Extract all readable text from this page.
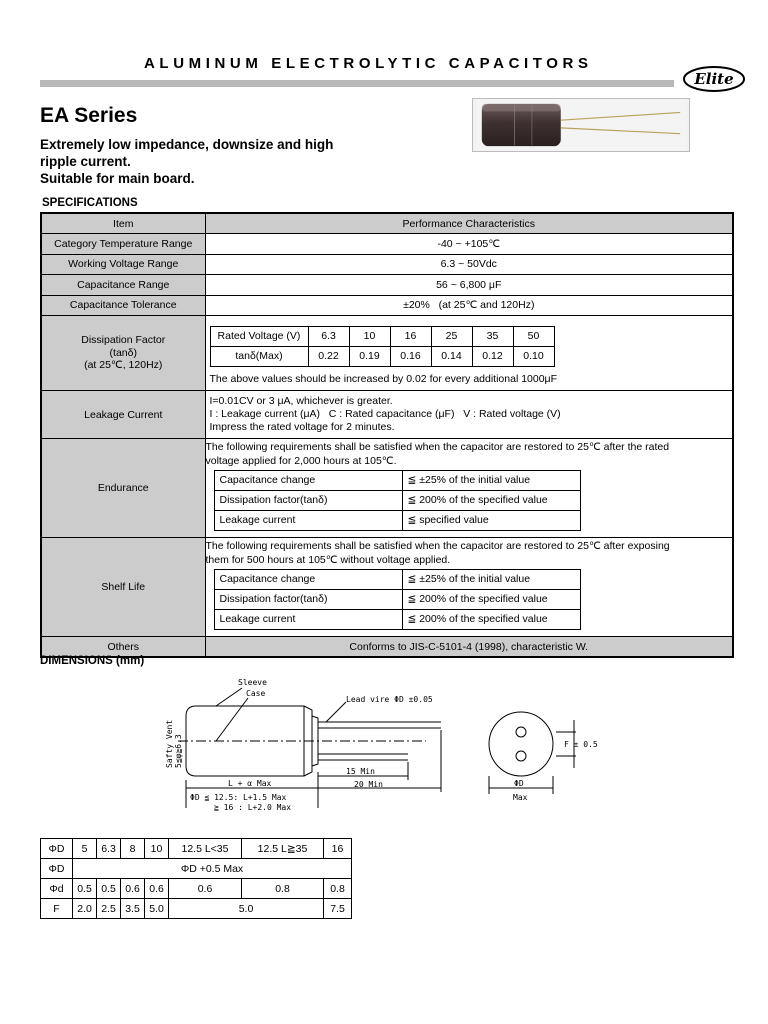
ALUMINUM ELECTROLYTIC CAPACITORS
Elite
EA Series
Extremely low impedance, downsize and high
ripple current.
Suitable for main board.
SPECIFICATIONS
Item	Performance Characteristics
Category Temperature Range	-40 ~ +105℃
Working Voltage Range	6.3 ~ 50Vdc
Capacitance Range	56 ~ 6,800 μF
Capacitance Tolerance	±20%   (at 25℃ and 120Hz)

Dissipation Factor
(tanδ)
(at 25℃, 120Hz)

Rated Voltage (V)	6.3	10	16	25	35	50
tanδ(Max)	0.22	0.19	0.16	0.14	0.12	0.10
The above values should be increased by 0.02 for every additional 1000μF

Leakage Current	
I=0.01CV or 3 μA, whichever is greater.
I : Leakage current (μA)   C : Rated capacitance (μF)   V : Rated voltage (V)
Impress the rated voltage for 2 minutes.

Endurance	
The following requirements shall be satisfied when the capacitor are restored to 25℃ after the rated
voltage applied for 2,000 hours at 105℃.
Capacitance change	≦ ±25% of the initial value
Dissipation factor(tanδ)	≦ 200% of the specified value
Leakage current	≦ specified value

Shelf Life	
The following requirements shall be satisfied when the capacitor are restored to 25℃ after exposing
them for 500 hours at 105℃ without voltage applied.
Capacitance change	≦ ±25% of the initial value
Dissipation factor(tanδ)	≦ 200% of the specified value
Leakage current	≦ 200% of the specified value

Others	Conforms to JIS-C-5101-4 (1998), characteristic W.
DIMENSIONS (mm)
Sleeve
Case
Lead vire ΦD ±0.05
Safty Vent 5≦φ≧6.3
15 Min
20 Min
L + α Max
ΦD ≦ 12.5: L+1.5 Max
≧ 16 : L+2.0 Max
F ± 0.5
ΦD
Max
ΦD	5	6.3	8	10	12.5 L<35	12.5 L≧35	16
ΦD	ΦD +0.5 Max						
Φd	0.5	0.5	0.6	0.6	0.6	0.8	0.8
F	2.0	2.5	3.5	5.0	5.0		7.5
